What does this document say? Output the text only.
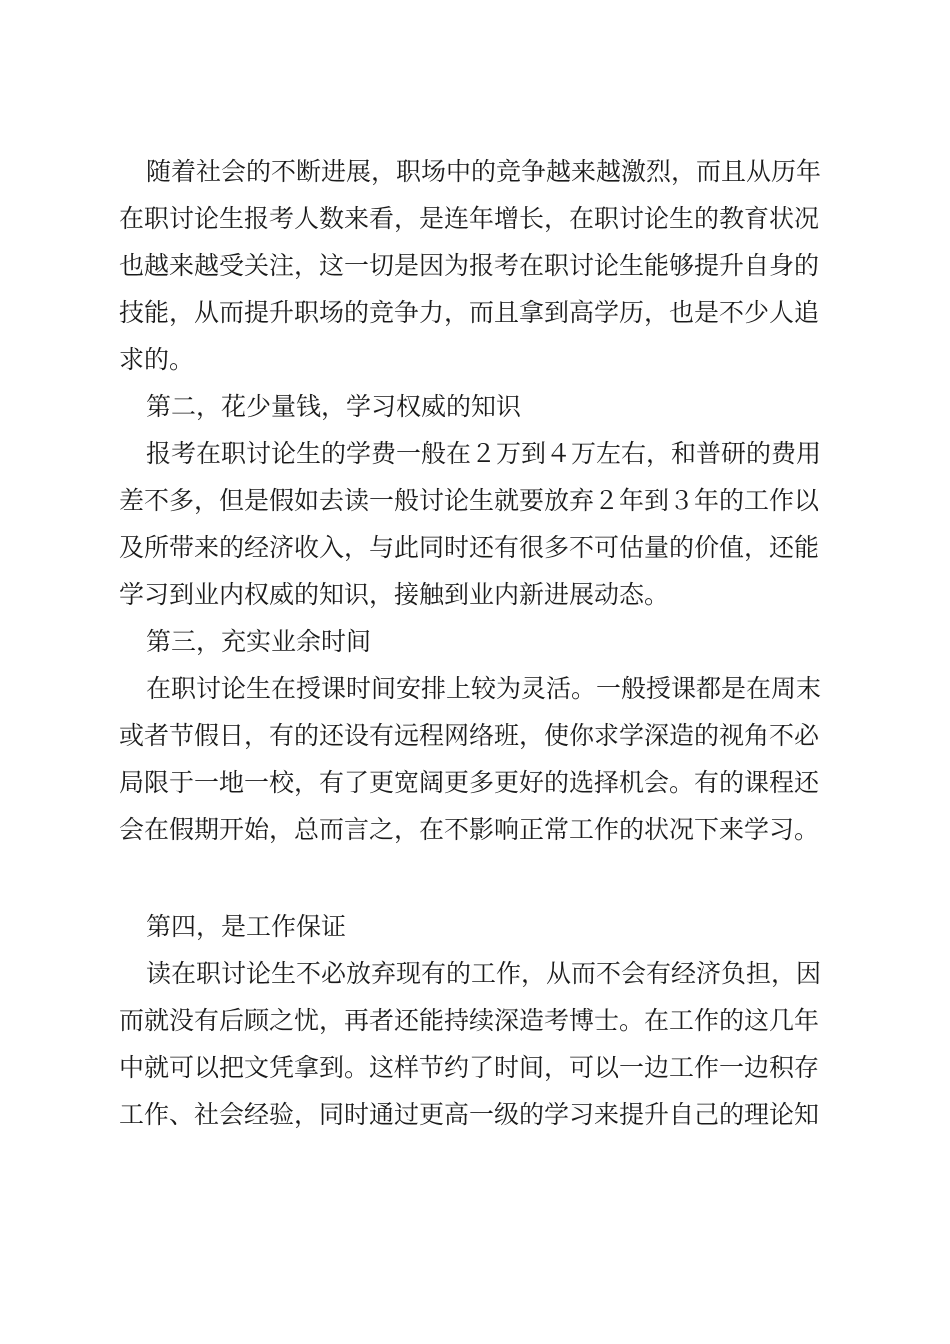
随着社会的不断进展，职场中的竞争越来越激烈，而且从历年
在职讨论生报考人数来看，是连年增长，在职讨论生的教育状况
也越来越受关注，这一切是因为报考在职讨论生能够提升自身的
技能，从而提升职场的竞争力，而且拿到高学历，也是不少人追
求的。
第二，花少量钱，学习权威的知识
报考在职讨论生的学费一般在２万到４万左右，和普研的费用
差不多，但是假如去读一般讨论生就要放弃２年到３年的工作以
及所带来的经济收入，与此同时还有很多不可估量的价值，还能
学习到业内权威的知识，接触到业内新进展动态。
第三，充实业余时间
在职讨论生在授课时间安排上较为灵活。一般授课都是在周末
或者节假日，有的还设有远程网络班，使你求学深造的视角不必
局限于一地一校，有了更宽阔更多更好的选择机会。有的课程还
会在假期开始，总而言之，在不影响正常工作的状况下来学习。
第四，是工作保证
读在职讨论生不必放弃现有的工作，从而不会有经济负担，因
而就没有后顾之忧，再者还能持续深造考博士。在工作的这几年
中就可以把文凭拿到。这样节约了时间，可以一边工作一边积存
工作、社会经验，同时通过更高一级的学习来提升自己的理论知
